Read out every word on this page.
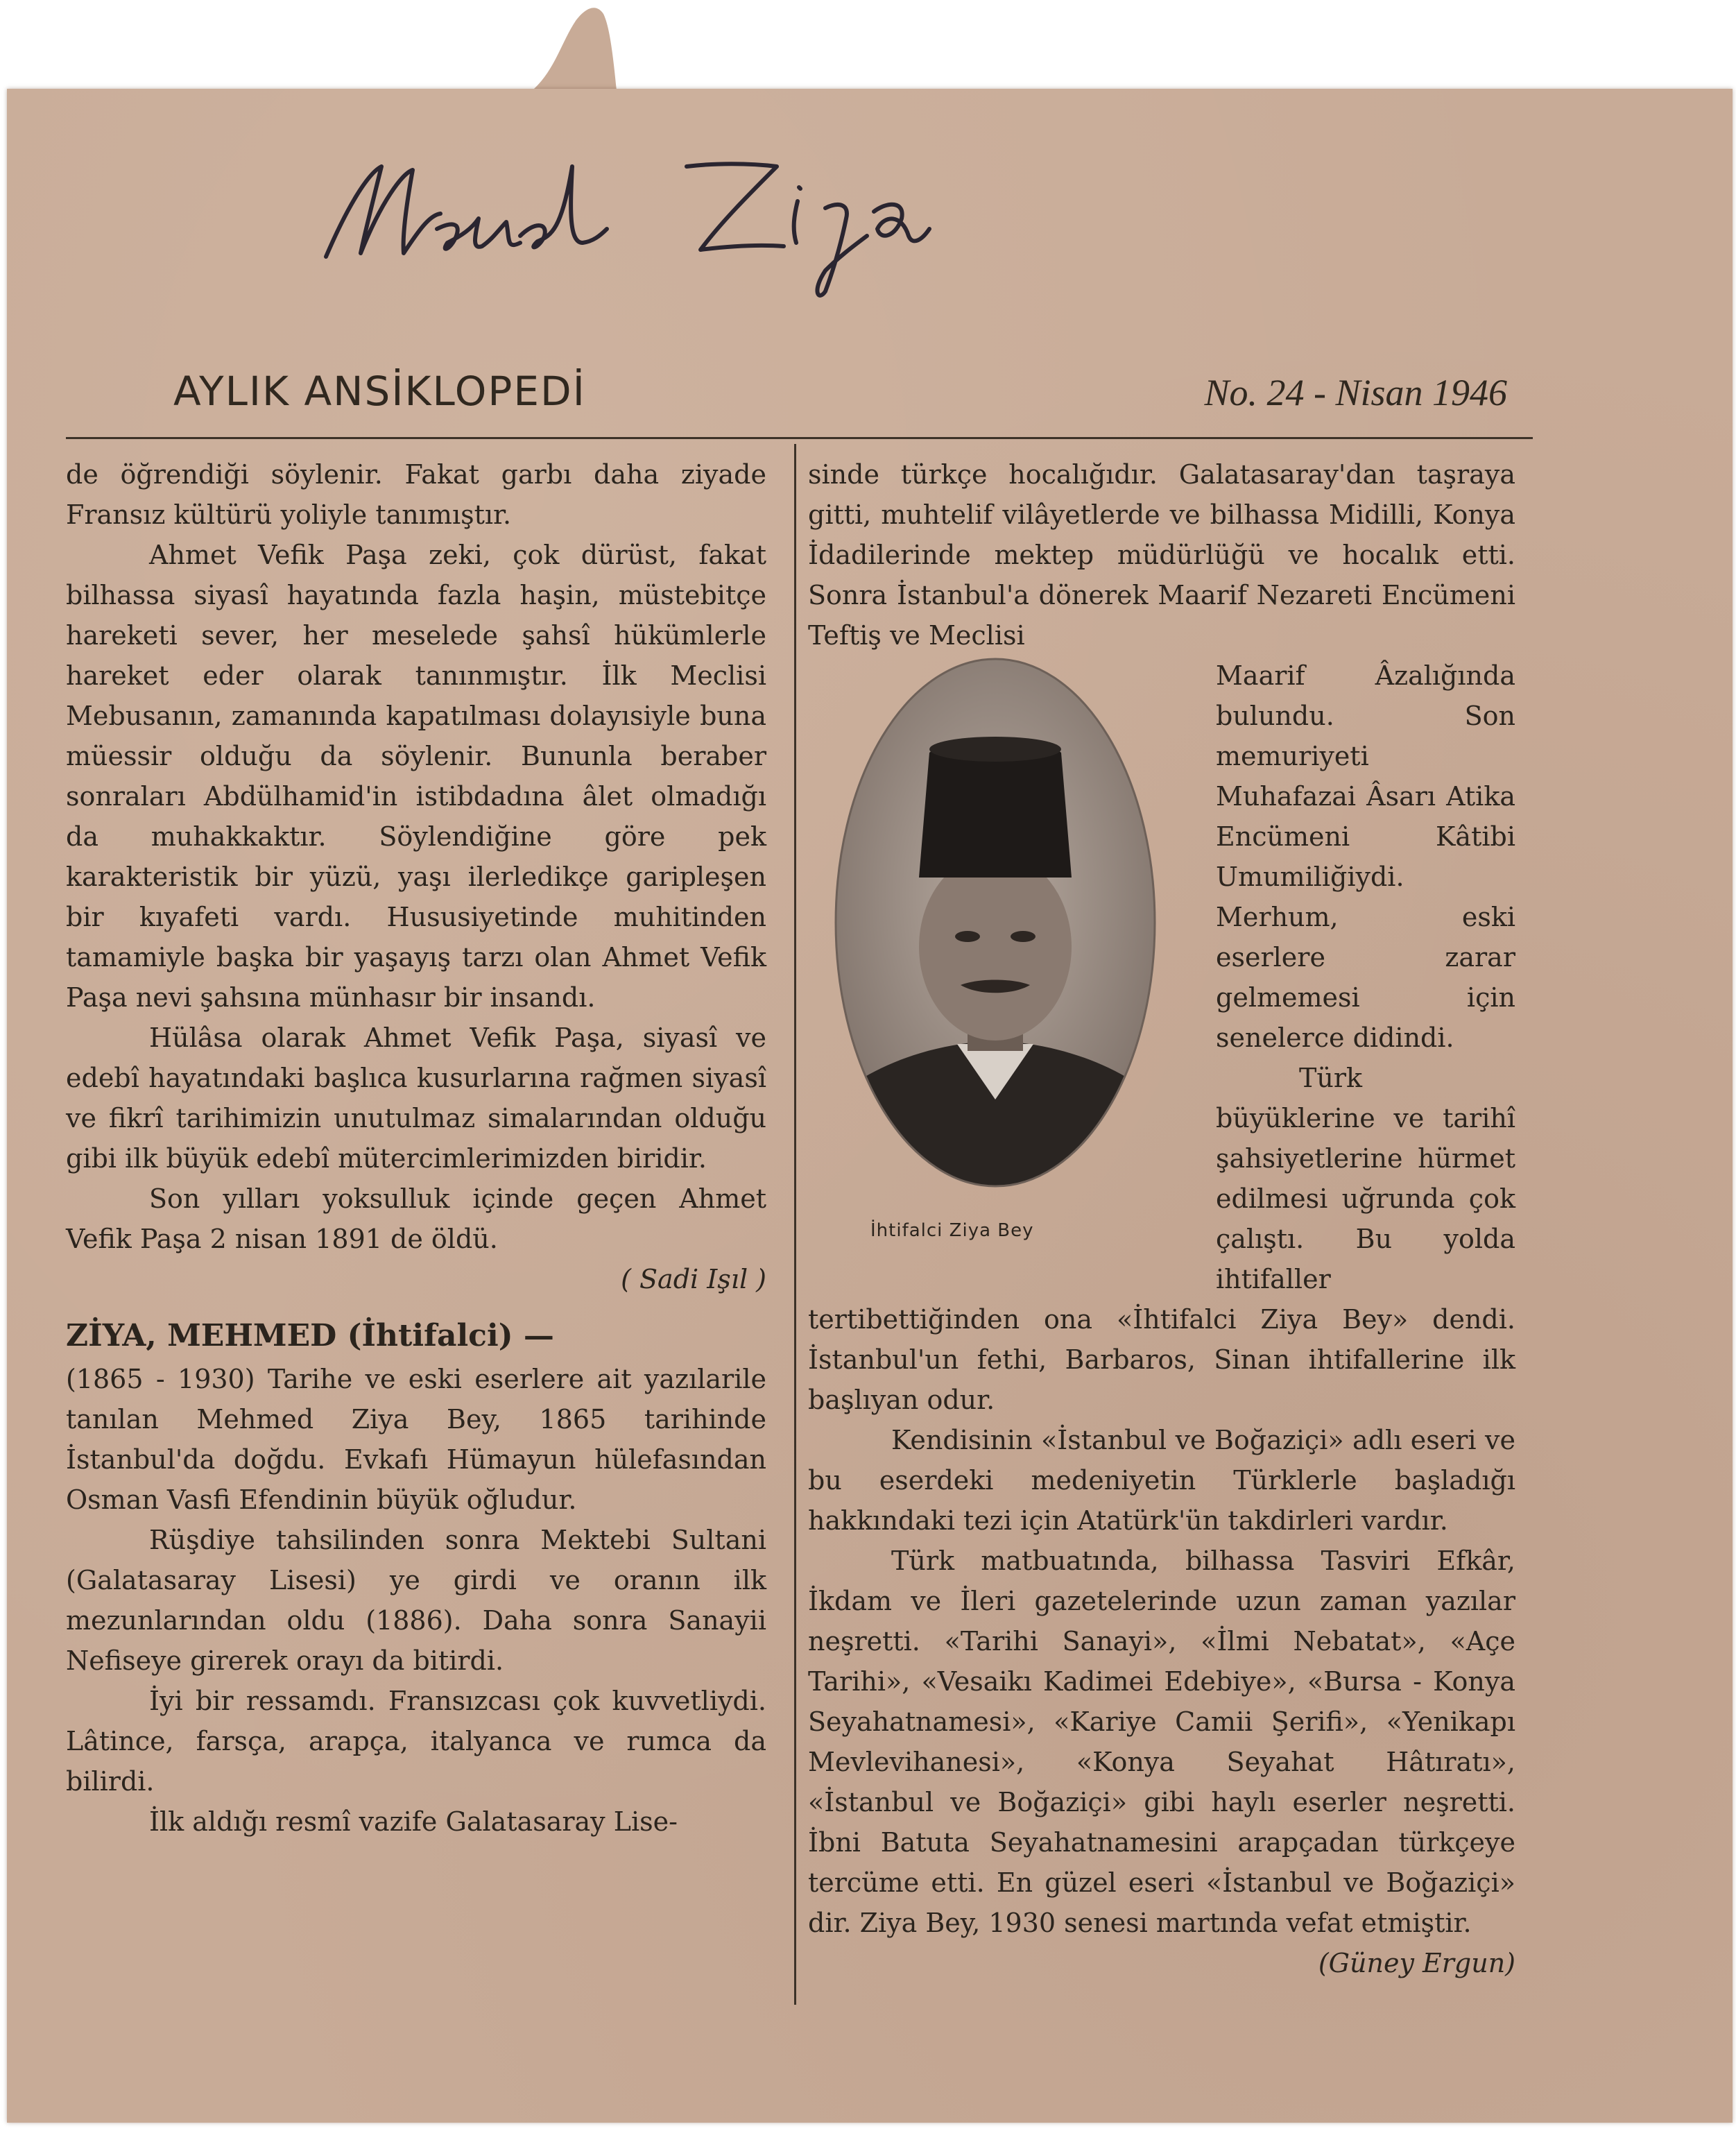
AYLIK ANSİKLOPEDİ	No. 24 - Nisan 1946

de öğrendiği söylenir. Fakat garbı daha ziyade Fransız kültürü yoliyle tanımıştır.

Ahmet Vefik Paşa zeki, çok dürüst, fakat bilhassa siyasî hayatında fazla haşin, müstebitçe hareketi sever, her meselede şahsî hükümlerle hareket eder olarak tanınmıştır. İlk Meclisi Mebusanın, zamanında kapatılması dolayısiyle buna müessir olduğu da söylenir. Bununla beraber sonraları Abdülhamid'in istibdadına âlet olmadığı da muhakkaktır. Söylendiğine göre pek karakteristik bir yüzü, yaşı ilerledikçe garipleşen bir kıyafeti vardı. Hususiyetinde muhitinden tamamiyle başka bir yaşayış tarzı olan Ahmet Vefik Paşa nevi şahsına münhasır bir insandı.

Hülâsa olarak Ahmet Vefik Paşa, siyasî ve edebî hayatındaki başlıca kusurlarına rağmen siyasî ve fikrî tarihimizin unutulmaz simalarından olduğu gibi ilk büyük edebî mütercimlerimizden biridir.

Son yılları yoksulluk içinde geçen Ahmet Vefik Paşa 2 nisan 1891 de öldü.

( Sadi Işıl )

ZİYA, MEHMED (İhtifalci) —

(1865 - 1930) Tarihe ve eski eserlere ait yazılarile tanılan Mehmed Ziya Bey, 1865 tarihinde İstanbul'da doğdu. Evkafı Hümayun hülefasından Osman Vasfi Efendinin büyük oğludur.

Rüşdiye tahsilinden sonra Mektebi Sultani (Galatasaray Lisesi) ye girdi ve oranın ilk mezunlarından oldu (1886). Daha sonra Sanayii Nefiseye girerek orayı da bitirdi.

İyi bir ressamdı. Fransızcası çok kuvvetliydi. Lâtince, farsça, arapça, italyanca ve rumca da bilirdi.

İlk aldığı resmî vazife Galatasaray Lise-

sinde türkçe hocalığıdır. Galatasaray'dan taşraya gitti, muhtelif vilâyetlerde ve bilhassa Midilli, Konya İdadilerinde mektep müdürlüğü ve hocalık etti. Sonra İstanbul'a dönerek Maarif Nezareti Encümeni Teftiş ve Meclisi

İhtifalci Ziya Bey

Maarif Âzalığında bulundu. Son memuriyeti Muhafazai Âsarı Atika Encümeni Kâtibi Umumiliğiydi. Merhum, eski eserlere zarar gelmemesi için senelerce didindi.

Türk büyüklerine ve tarihî şahsiyetlerine hürmet edilmesi uğrunda çok çalıştı. Bu yolda ihtifaller tertibettiğinden ona «İhtifalci Ziya Bey» dendi. İstanbul'un fethi, Barbaros, Sinan ihtifallerine ilk başlıyan odur.

Kendisinin «İstanbul ve Boğaziçi» adlı eseri ve bu eserdeki medeniyetin Türklerle başladığı hakkındaki tezi için Atatürk'ün takdirleri vardır.

Türk matbuatında, bilhassa Tasviri Efkâr, İkdam ve İleri gazetelerinde uzun zaman yazılar neşretti. «Tarihi Sanayi», «İlmi Nebatat», «Açe Tarihi», «Vesaikı Kadimei Edebiye», «Bursa - Konya Seyahatnamesi», «Kariye Camii Şerifi», «Yenikapı Mevlevihanesi», «Konya Seyahat Hâtıratı», «İstanbul ve Boğaziçi» gibi haylı eserler neşretti. İbni Batuta Seyahatnamesini arapçadan türkçeye tercüme etti. En güzel eseri «İstanbul ve Boğaziçi» dir. Ziya Bey, 1930 senesi martında vefat etmiştir.

(Güney Ergun)
